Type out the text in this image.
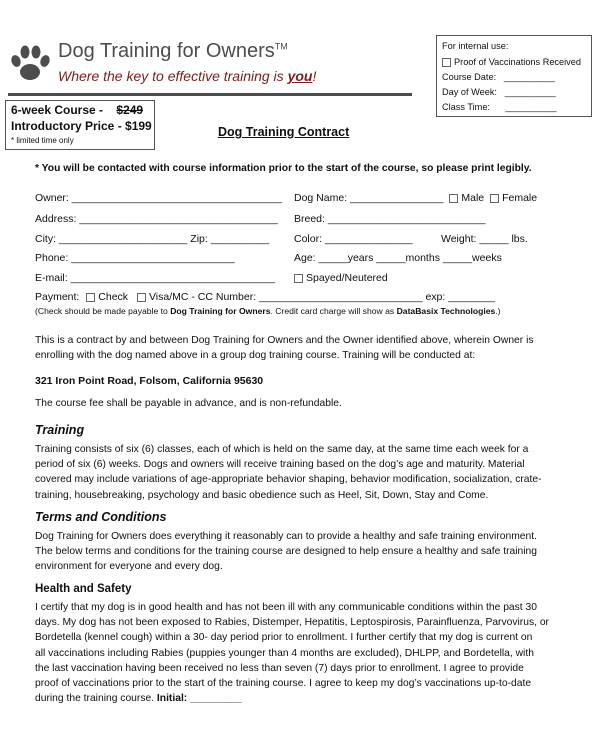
Dog Training for Owners™
Where the key to effective training is you!
For internal use:
Proof of Vaccinations Received
Course Date: __________
Day of Week: __________
Class Time: __________
6-week Course - $249
Introductory Price - $199
* limited time only
Dog Training Contract
* You will be contacted with course information prior to the start of the course, so please print legibly.
Owner: ____________________________________
Address: __________________________________
City: ______________________ Zip: __________
Phone: ____________________________
E-mail: ___________________________________
Dog Name: ________________ Male Female
Breed: ___________________________
Color: _______________	Weight: _____ lbs.
Age: _____years _____months _____weeks
Spayed/Neutered
Payment: Check Visa/MC - CC Number: ____________________________ exp: ________
(Check should be made payable to Dog Training for Owners. Credit card charge will show as DataBasix Technologies.)
This is a contract by and between Dog Training for Owners and the Owner identified above, wherein Owner is
enrolling with the dog named above in a group dog training course. Training will be conducted at:
321 Iron Point Road, Folsom, California 95630
The course fee shall be payable in advance, and is non-refundable.
Training
Training consists of six (6) classes, each of which is held on the same day, at the same time each week for a
period of six (6) weeks. Dogs and owners will receive training based on the dog’s age and maturity. Material
covered may include variations of age-appropriate behavior shaping, behavior modification, socialization, crate-
training, housebreaking, psychology and basic obedience such as Heel, Sit, Down, Stay and Come.
Terms and Conditions
Dog Training for Owners does everything it reasonably can to provide a healthy and safe training environment.
The below terms and conditions for the training course are designed to help ensure a healthy and safe training
environment for everyone and every dog.
Health and Safety
I certify that my dog is in good health and has not been ill with any communicable conditions within the past 30
days. My dog has not been exposed to Rabies, Distemper, Hepatitis, Leptospirosis, Parainfluenza, Parvovirus, or
Bordetella (kennel cough) within a 30- day period prior to enrollment. I further certify that my dog is current on
all vaccinations including Rabies (puppies younger than 4 months are excluded), DHLPP, and Bordetella, with
the last vaccination having been received no less than seven (7) days prior to enrollment. I agree to provide
proof of vaccinations prior to the start of the training course. I agree to keep my dog’s vaccinations up-to-date
during the training course. Initial: _________
